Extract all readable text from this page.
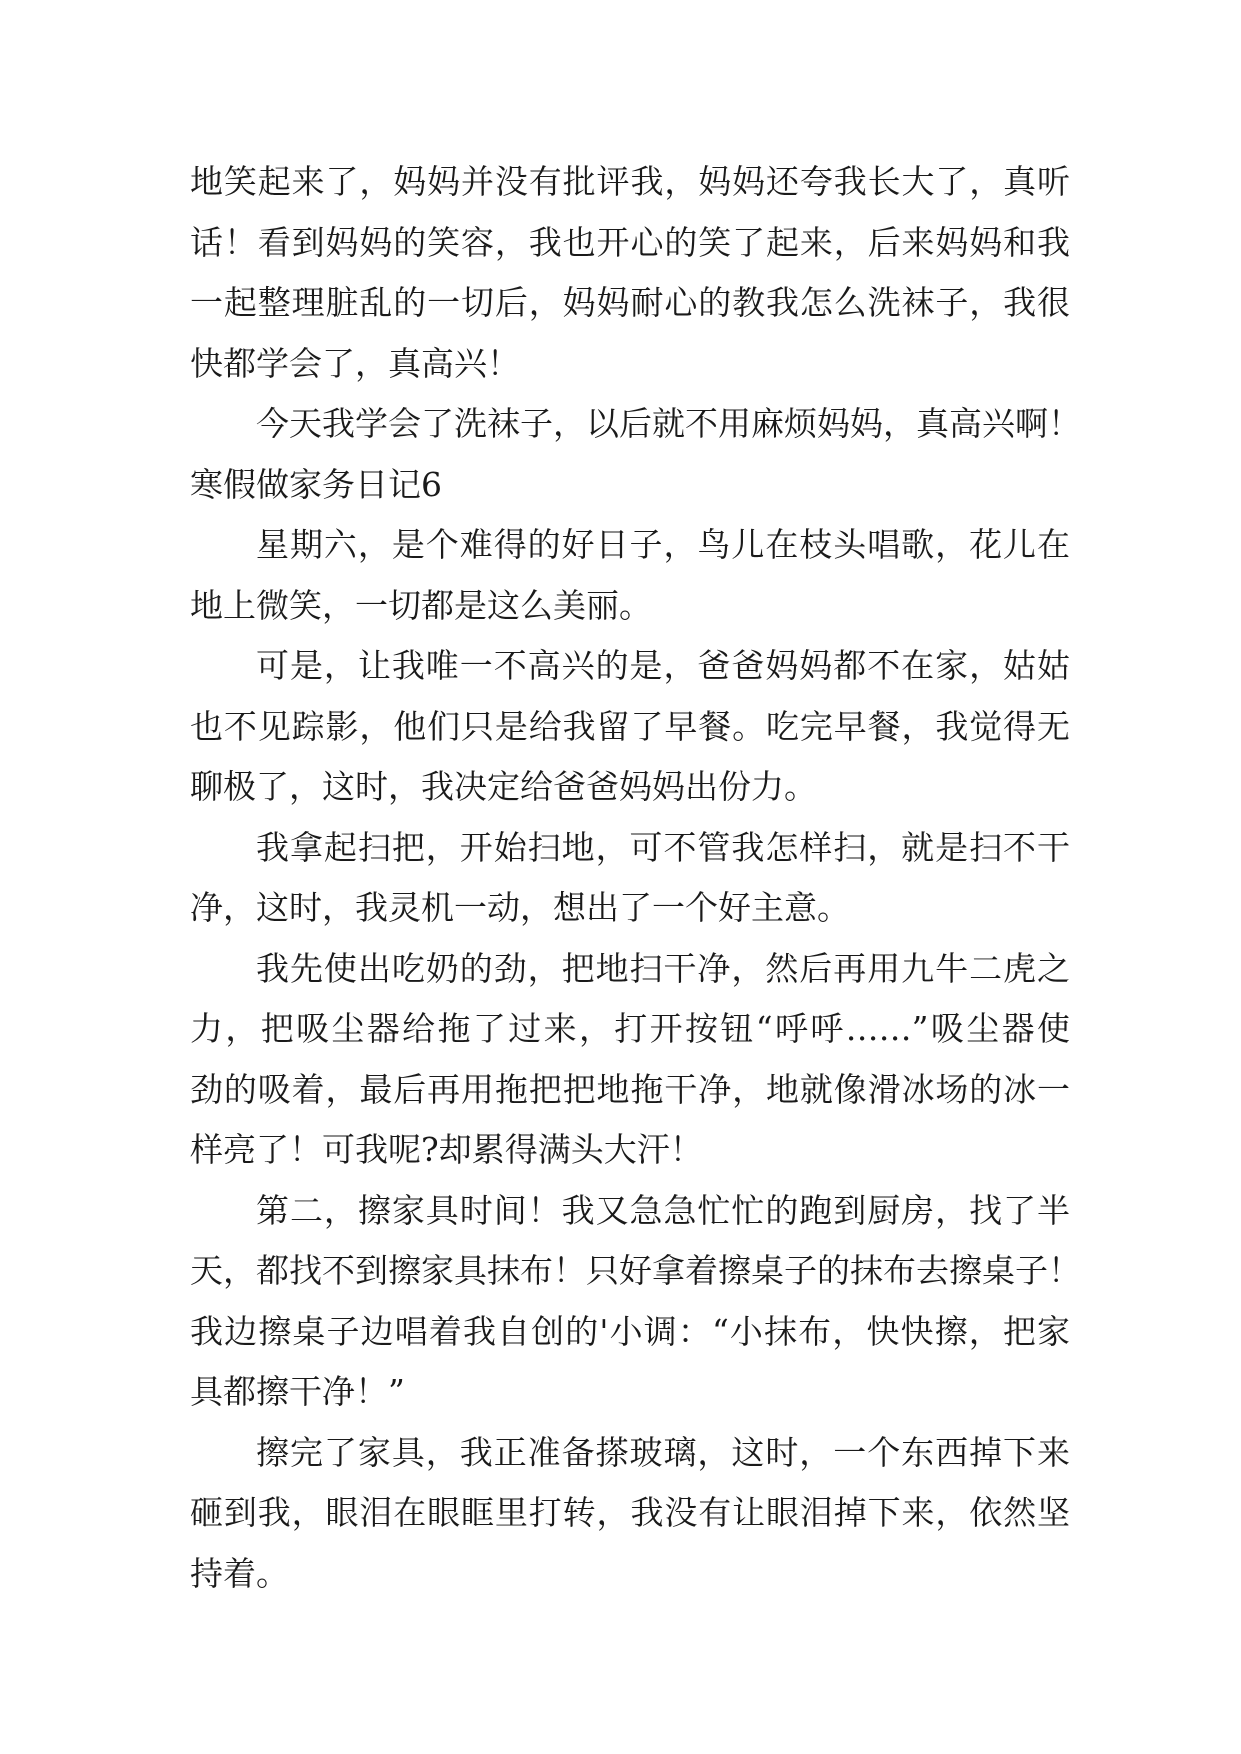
地笑起来了，妈妈并没有批评我，妈妈还夸我长大了，真听
话！看到妈妈的笑容，我也开心的笑了起来，后来妈妈和我
一起整理脏乱的一切后，妈妈耐心的教我怎么洗袜子，我很
快都学会了，真高兴！
今天我学会了洗袜子，以后就不用麻烦妈妈，真高兴啊！
寒假做家务日记6
星期六，是个难得的好日子，鸟儿在枝头唱歌，花儿在
地上微笑，一切都是这么美丽。
可是，让我唯一不高兴的是，爸爸妈妈都不在家，姑姑
也不见踪影，他们只是给我留了早餐。吃完早餐，我觉得无
聊极了，这时，我决定给爸爸妈妈出份力。
我拿起扫把，开始扫地，可不管我怎样扫，就是扫不干
净，这时，我灵机一动，想出了一个好主意。
我先使出吃奶的劲，把地扫干净，然后再用九牛二虎之
力，把吸尘器给拖了过来，打开按钮“呼呼……”吸尘器使
劲的吸着，最后再用拖把把地拖干净，地就像滑冰场的冰一
样亮了！可我呢?却累得满头大汗！
第二，擦家具时间！我又急急忙忙的跑到厨房，找了半
天，都找不到擦家具抹布！只好拿着擦桌子的抹布去擦桌子！
我边擦桌子边唱着我自创的'小调：“小抹布，快快擦，把家
具都擦干净！”
擦完了家具，我正准备搽玻璃，这时，一个东西掉下来
砸到我，眼泪在眼眶里打转，我没有让眼泪掉下来，依然坚
持着。
